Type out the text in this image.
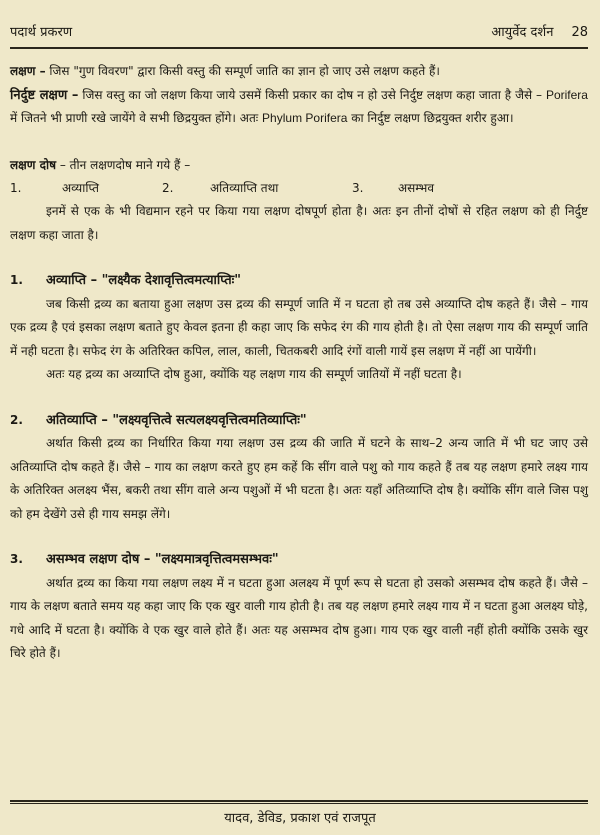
पदार्थ प्रकरण	आयुर्वेद दर्शन 28

लक्षण – जिस "गुण विवरण" द्वारा किसी वस्तु की सम्पूर्ण जाति का ज्ञान हो जाए उसे लक्षण कहते हैं।

निर्दुष्ट लक्षण – जिस वस्तु का जो लक्षण किया जाये उसमें किसी प्रकार का दोष न हो उसे निर्दुष्ट लक्षण कहा जाता है जैसे – Porifera में जितने भी प्राणी रखे जायेंगे वे सभी छिद्रयुक्त होंगे। अतः Phylum Porifera का निर्दुष्ट लक्षण छिद्रयुक्त शरीर हुआ।

लक्षण दोष – तीन लक्षणदोष माने गये हैं –

1.	अव्याप्ति	2.	अतिव्याप्ति तथा	3.	असम्भव

इनमें से एक के भी विद्यमान रहने पर किया गया लक्षण दोषपूर्ण होता है। अतः इन तीनों दोषों से रहित लक्षण को ही निर्दुष्ट लक्षण कहा जाता है।

1. अव्याप्ति – "लक्ष्यैक देशावृत्तित्वमत्याप्तिः"

जब किसी द्रव्य का बताया हुआ लक्षण उस द्रव्य की सम्पूर्ण जाति में न घटता हो तब उसे अव्याप्ति दोष कहते हैं। जैसे – गाय एक द्रव्य है एवं इसका लक्षण बताते हुए केवल इतना ही कहा जाए कि सफेद रंग की गाय होती है। तो ऐसा लक्षण गाय की सम्पूर्ण जाति में नही घटता है। सफेद रंग के अतिरिक्त कपिल, लाल, काली, चितकबरी आदि रंगों वाली गायें इस लक्षण में नहीं आ पायेंगी।

अतः यह द्रव्य का अव्याप्ति दोष हुआ, क्योंकि यह लक्षण गाय की सम्पूर्ण जातियों में नहीं घटता है।

2. अतिव्याप्ति – "लक्ष्यवृत्तित्वे सत्यलक्ष्यवृत्तित्वमतिव्याप्तिः"

अर्थात किसी द्रव्य का निर्धारित किया गया लक्षण उस द्रव्य की जाति में घटने के साथ–2 अन्य जाति में भी घट जाए उसे अतिव्याप्ति दोष कहते हैं। जैसे – गाय का लक्षण करते हुए हम कहें कि सींग वाले पशु को गाय कहते हैं तब यह लक्षण हमारे लक्ष्य गाय के अतिरिक्त अलक्ष्य भैंस, बकरी तथा सींग वाले अन्य पशुओं में भी घटता है। अतः यहाँ अतिव्याप्ति दोष है। क्योंकि सींग वाले जिस पशु को हम देखेंगे उसे ही गाय समझ लेंगे।

3. असम्भव लक्षण दोष – "लक्ष्यमात्रवृत्तित्वमसम्भवः"

अर्थात द्रव्य का किया गया लक्षण लक्ष्य में न घटता हुआ अलक्ष्य में पूर्ण रूप से घटता हो उसको असम्भव दोष कहते हैं। जैसे – गाय के लक्षण बताते समय यह कहा जाए कि एक खुर वाली गाय होती है। तब यह लक्षण हमारे लक्ष्य गाय में न घटता हुआ अलक्ष्य घोड़े, गधे आदि में घटता है। क्योंकि वे एक खुर वाले होते हैं। अतः यह असम्भव दोष हुआ। गाय एक खुर वाली नहीं होती क्योंकि उसके खुर चिरे होते हैं।

यादव, डेविड, प्रकाश एवं राजपूत
